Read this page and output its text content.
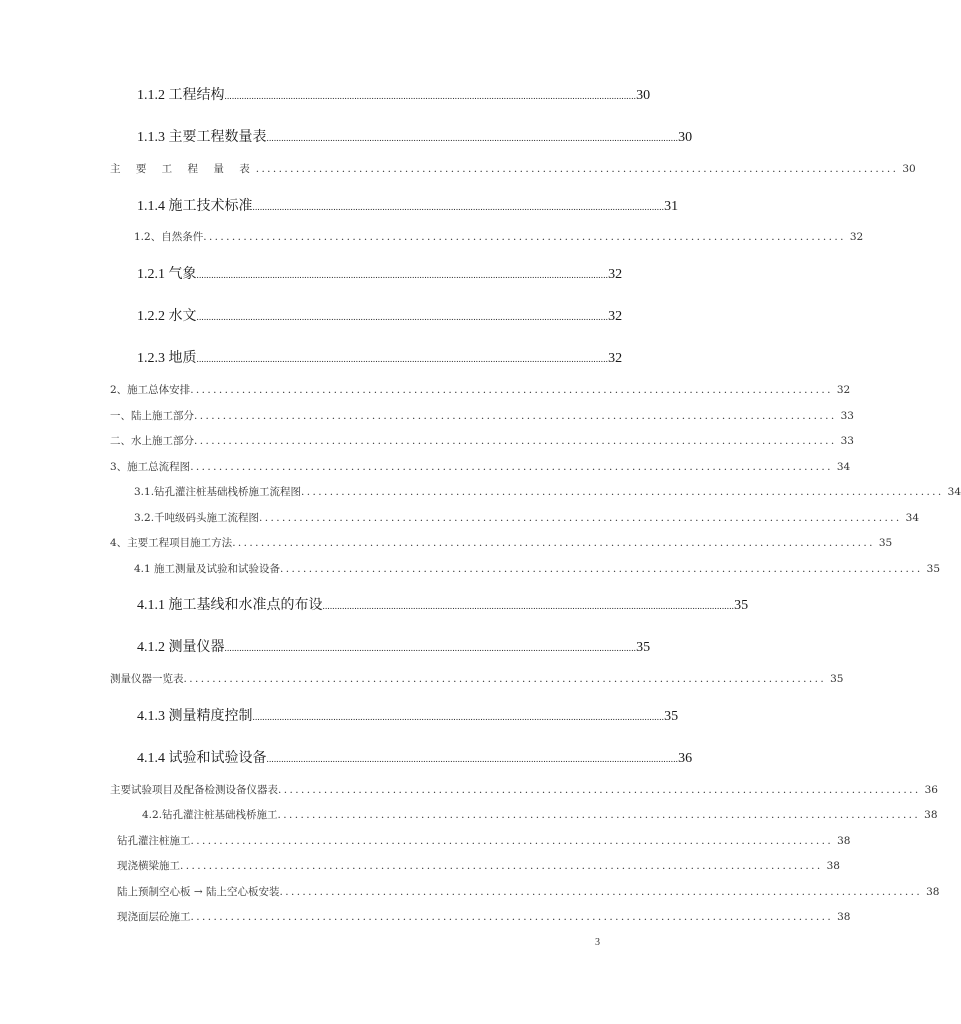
1.1.2 工程结构 ........................................................................................................................................................................ 30
1.1.3 主要工程数量表 ........................................................................................................................................................................ 30
主 要 工 程 量 表 ................................................................................................................ 30
1.1.4 施工技术标准 ........................................................................................................................................................................ 31
1.2、自然条件 ................................................................................................................ 32
1.2.1 气象 ........................................................................................................................................................................ 32
1.2.2 水文 ........................................................................................................................................................................ 32
1.2.3 地质 ........................................................................................................................................................................ 32
2、施工总体安排 ................................................................................................................ 32
一、陆上施工部分 ................................................................................................................ 33
二、水上施工部分 ................................................................................................................ 33
3、施工总流程图 ................................................................................................................ 34
3.1.钻孔灌注桩基础栈桥施工流程图 ................................................................................................................ 34
3.2.千吨级码头施工流程图 ................................................................................................................ 34
4、主要工程项目施工方法 ................................................................................................................ 35
4.1 施工测量及试验和试验设备 ................................................................................................................ 35
4.1.1 施工基线和水准点的布设 ........................................................................................................................................................................ 35
4.1.2 测量仪器 ........................................................................................................................................................................ 35
测量仪器一览表 ................................................................................................................ 35
4.1.3 测量精度控制 ........................................................................................................................................................................ 35
4.1.4 试验和试验设备 ........................................................................................................................................................................ 36
主要试验项目及配备检测设备仪器表 ................................................................................................................ 36
4.2.钻孔灌注桩基础栈桥施工 ................................................................................................................ 38
钻孔灌注桩施工 ................................................................................................................ 38
现浇横梁施工 ................................................................................................................ 38
陆上预制空心板 → 陆上空心板安装 ................................................................................................................ 38
现浇面层砼施工 ................................................................................................................ 38
3
